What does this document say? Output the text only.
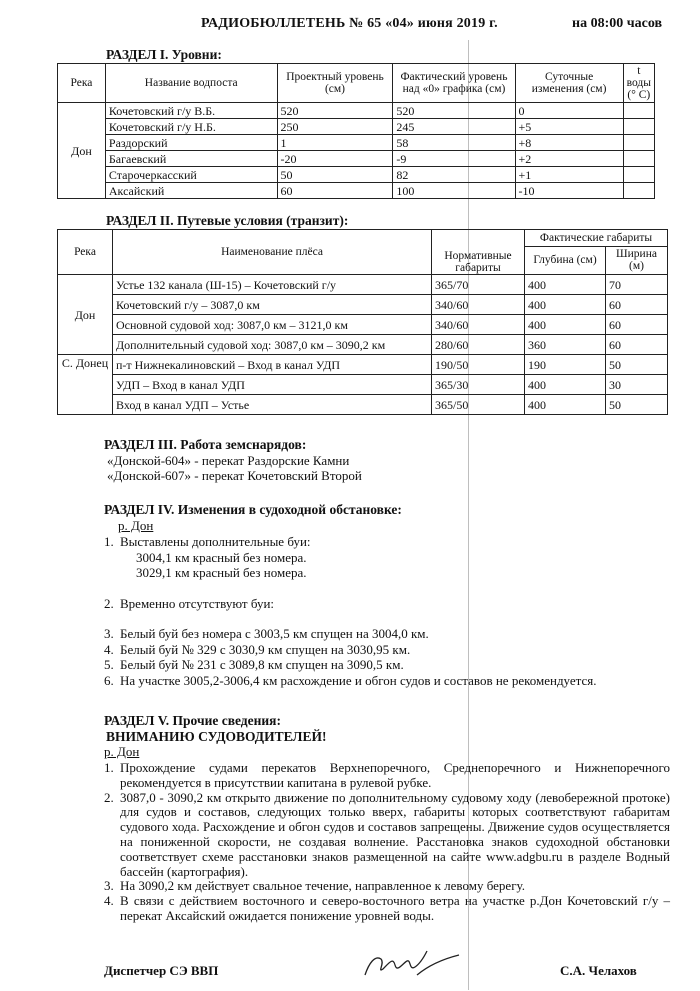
РАДИОБЮЛЛЕТЕНЬ № 65 «04» июня 2019 г.	на 08:00 часов
РАЗДЕЛ I. Уровни:
Река	Название водпоста	Проектный уровень (см)	Фактический уровень над «0» графика (см)	Суточные изменения (см)	t воды (° С)
Дон	Кочетовский г/у В.Б.	520	520	0	
	Кочетовский г/у Н.Б.	250	245	+5	
	Раздорский	1	58	+8	
	Багаевский	-20	-9	+2	
	Старочеркасский	50	82	+1	
	Аксайский	60	100	-10	
РАЗДЕЛ II. Путевые условия (транзит):
Река	Наименование плёса	Нормативные габариты	Фактические габариты	
			Глубина (см)	Ширина (м)
Дон	Устье 132 канала (Ш-15) – Кочетовский г/у	365/70	400	70
	Кочетовский г/у – 3087,0 км	340/60	400	60
	Основной судовой ход: 3087,0 км – 3121,0 км	340/60	400	60
	Дополнительный судовой ход: 3087,0 км – 3090,2 км	280/60	360	60
С. Донец	п-т Нижнекалиновский – Вход в канал УДП	190/50	190	50
	УДП – Вход в канал УДП	365/30	400	30
	Вход в канал УДП – Устье	365/50	400	50
РАЗДЕЛ III. Работа земснарядов:
«Донской-604» - перекат Раздорские Камни
«Донской-607» - перекат Кочетовский Второй
РАЗДЕЛ IV. Изменения в судоходной обстановке:
р. Дон
1. Выставлены дополнительные буи:
3004,1 км красный без номера.
3029,1 км красный без номера.
2. Временно отсутствуют буи:
3. Белый буй без номера с 3003,5 км спущен на 3004,0 км.
4. Белый буй № 329 с 3030,9 км спущен на 3030,95 км.
5. Белый буй № 231 с 3089,8 км спущен на 3090,5 км.
6. На участке 3005,2-3006,4 км расхождение и обгон судов и составов не рекомендуется.
РАЗДЕЛ V. Прочие сведения:
ВНИМАНИЮ СУДОВОДИТЕЛЕЙ!
р. Дон
1. Прохождение судами перекатов Верхнепоречного, Среднепоречного и Нижнепоречного рекомендуется в присутствии капитана в рулевой рубке.
2. 3087,0 - 3090,2 км открыто движение по дополнительному судовому ходу (левобережной протоке) для судов и составов, следующих только вверх, габариты которых соответствуют габаритам судового хода. Расхождение и обгон судов и составов запрещены. Движение судов осуществляется на пониженной скорости, не создавая волнение. Расстановка знаков судоходной обстановки соответствует схеме расстановки знаков размещенной на сайте www.adgbu.ru в разделе Водный бассейн (картография).
3. На 3090,2 км действует свальное течение, направленное к левому берегу.
4. В связи с действием восточного и северо-восточного ветра на участке р.Дон Кочетовский г/у – перекат Аксайский ожидается понижение уровней воды.
Диспетчер СЭ ВВП	С.А. Челахов
